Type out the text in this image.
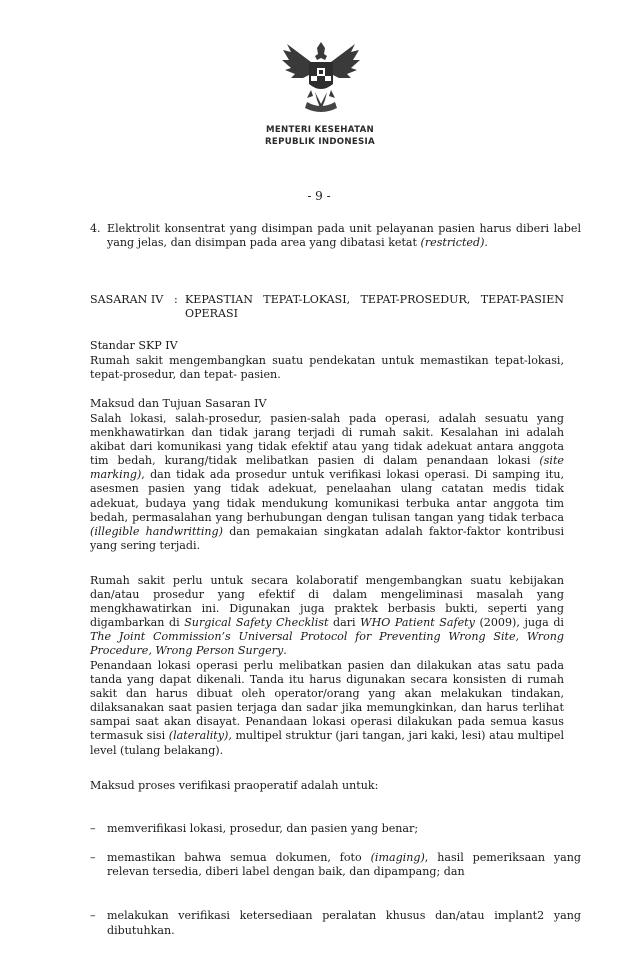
MENTERI KESEHATAN
REPUBLIK INDONESIA
- 9 -
4. Elektrolit konsentrat yang disimpan pada unit pelayanan pasien harus diberi label yang jelas, dan disimpan pada area yang dibatasi ketat (restricted).
SASARAN IV : KEPASTIAN TEPAT-LOKASI, TEPAT-PROSEDUR, TEPAT-PASIEN OPERASI
Standar SKP IV
Rumah sakit mengembangkan suatu pendekatan untuk memastikan tepat-lokasi, tepat-prosedur, dan tepat- pasien.
Maksud dan Tujuan Sasaran IV
Salah lokasi, salah-prosedur, pasien-salah pada operasi, adalah sesuatu yang menkhawatirkan dan tidak jarang terjadi di rumah sakit. Kesalahan ini adalah akibat dari komunikasi yang tidak efektif atau yang tidak adekuat antara anggota tim bedah, kurang/tidak melibatkan pasien di dalam penandaan lokasi (site marking), dan tidak ada prosedur untuk verifikasi lokasi operasi. Di samping itu, asesmen pasien yang tidak adekuat, penelaahan ulang catatan medis tidak adekuat, budaya yang tidak mendukung komunikasi terbuka antar anggota tim bedah, permasalahan yang berhubungan dengan tulisan tangan yang tidak terbaca (illegible handwritting) dan pemakaian singkatan adalah faktor-faktor kontribusi yang sering terjadi.
Rumah sakit perlu untuk secara kolaboratif mengembangkan suatu kebijakan dan/atau prosedur yang efektif di dalam mengeliminasi masalah yang mengkhawatirkan ini. Digunakan juga praktek berbasis bukti, seperti yang digambarkan di Surgical Safety Checklist dari WHO Patient Safety (2009), juga di The Joint Commission’s Universal Protocol for Preventing Wrong Site, Wrong Procedure, Wrong Person Surgery.
Penandaan lokasi operasi perlu melibatkan pasien dan dilakukan atas satu pada tanda yang dapat dikenali. Tanda itu harus digunakan secara konsisten di rumah sakit dan harus dibuat oleh operator/orang yang akan melakukan tindakan, dilaksanakan saat pasien terjaga dan sadar jika memungkinkan, dan harus terlihat sampai saat akan disayat. Penandaan lokasi operasi dilakukan pada semua kasus termasuk sisi (laterality), multipel struktur (jari tangan, jari kaki, lesi) atau multipel level (tulang belakang).
Maksud proses verifikasi praoperatif adalah untuk:
– memverifikasi lokasi, prosedur, dan pasien yang benar;
– memastikan bahwa semua dokumen, foto (imaging), hasil pemeriksaan yang relevan tersedia, diberi label dengan baik, dan dipampang; dan
– melakukan verifikasi ketersediaan peralatan khusus dan/atau implant2 yang dibutuhkan.
